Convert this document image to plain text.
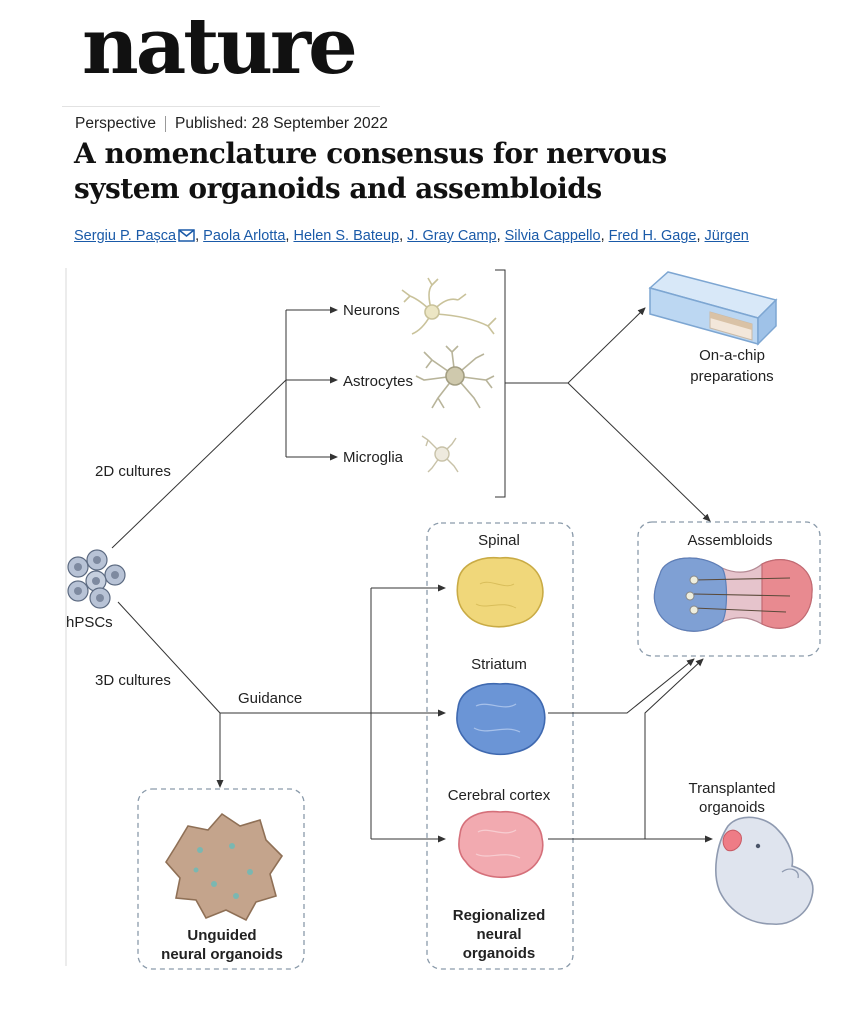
nature
Perspective Published: 28 September 2022
A nomenclature consensus for nervous system organoids and assembloids
Sergiu P. Pașca , Paola Arlotta, Helen S. Bateup, J. Gray Camp, Silvia Cappello, Fred H. Gage, Jürgen
Neurons
Astrocytes
Microglia
2D cultures
hPSCs
3D cultures
Guidance
On-a-chip
preparations
Assembloids
Spinal
Striatum
Cerebral cortex
Regionalized
neural
organoids
Unguided
neural organoids
Transplanted
organoids
